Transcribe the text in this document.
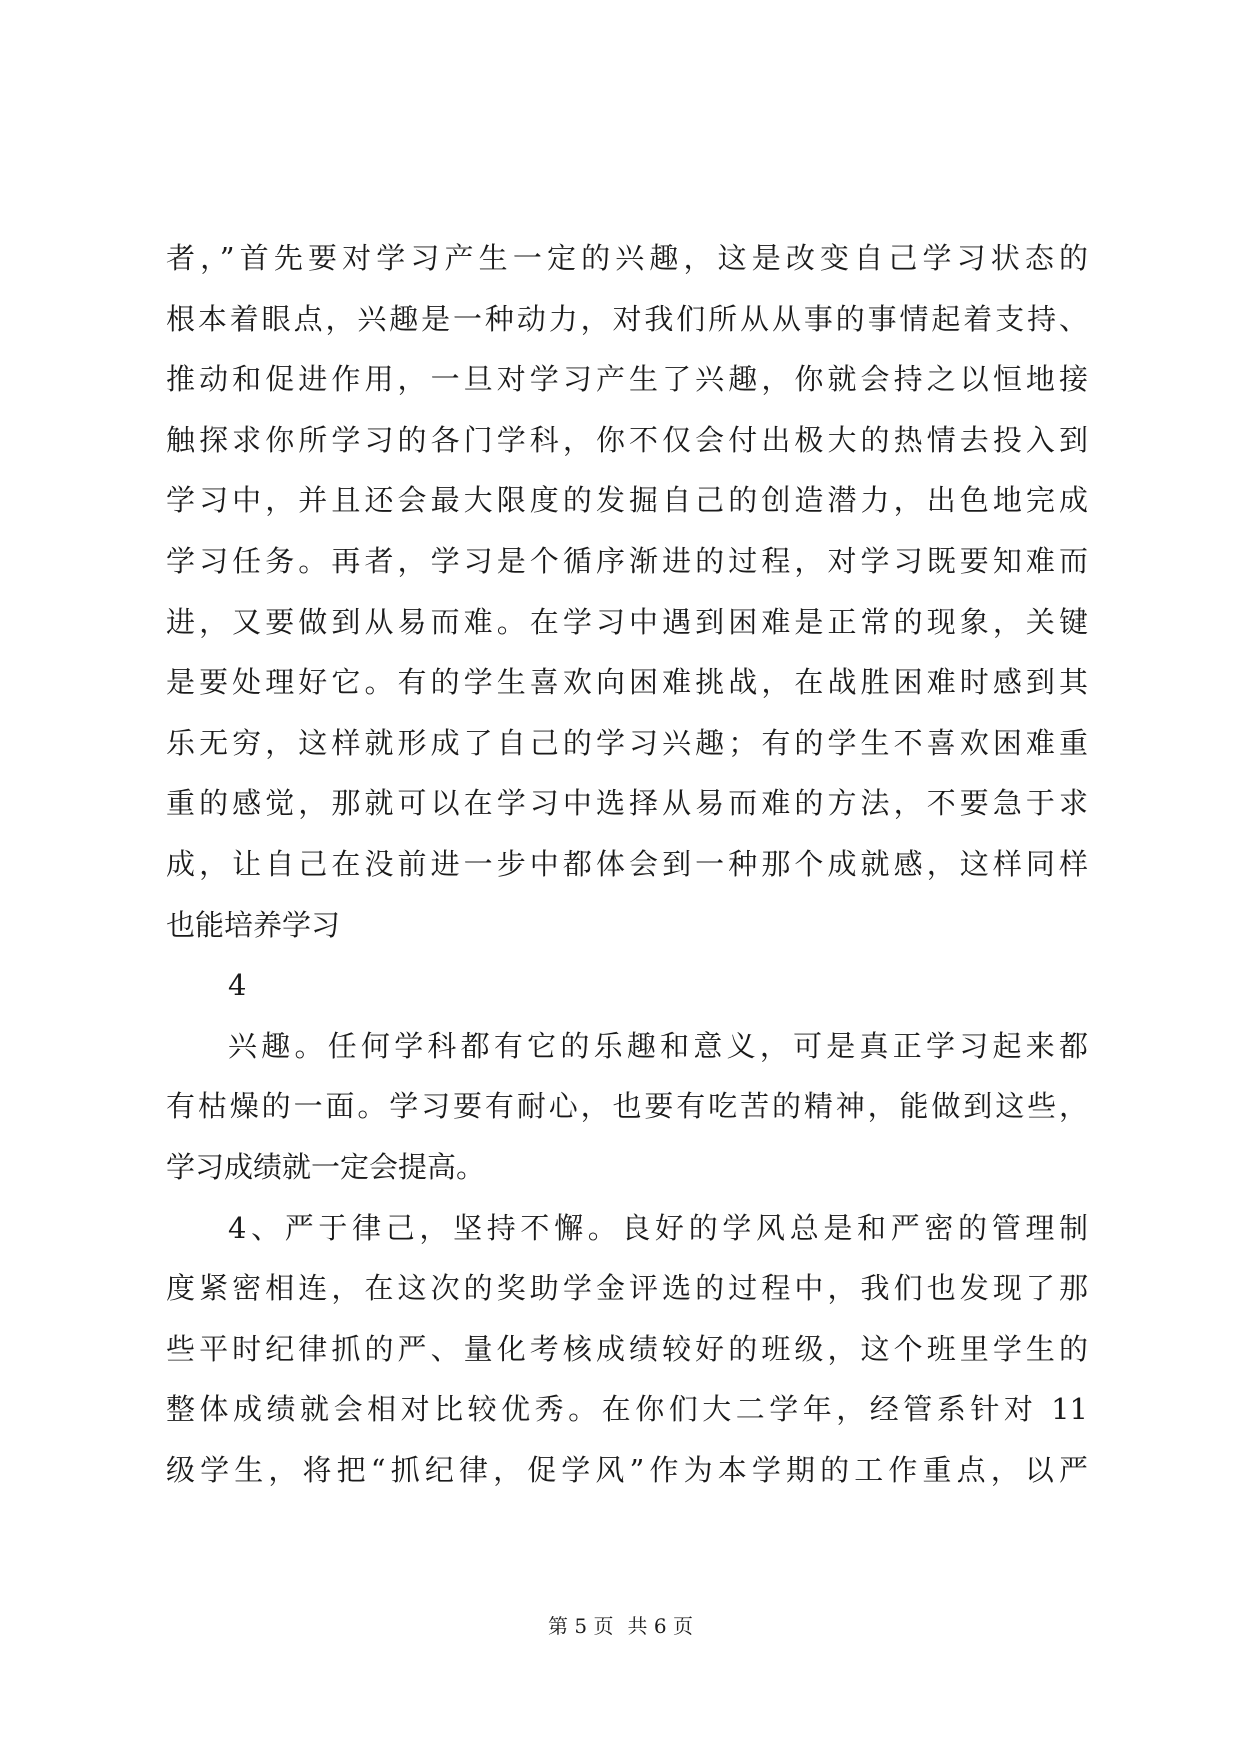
者，”首先要对学习产生一定的兴趣，这是改变自己学习状态的
根本着眼点，兴趣是一种动力，对我们所从从事的事情起着支持、
推动和促进作用，一旦对学习产生了兴趣，你就会持之以恒地接
触探求你所学习的各门学科，你不仅会付出极大的热情去投入到
学习中，并且还会最大限度的发掘自己的创造潜力，出色地完成
学习任务。再者，学习是个循序渐进的过程，对学习既要知难而
进，又要做到从易而难。在学习中遇到困难是正常的现象，关键
是要处理好它。有的学生喜欢向困难挑战，在战胜困难时感到其
乐无穷，这样就形成了自己的学习兴趣；有的学生不喜欢困难重
重的感觉，那就可以在学习中选择从易而难的方法，不要急于求
成，让自己在没前进一步中都体会到一种那个成就感，这样同样
也能培养学习
4
兴趣。任何学科都有它的乐趣和意义，可是真正学习起来都
有枯燥的一面。学习要有耐心，也要有吃苦的精神，能做到这些，
学习成绩就一定会提高。
4、严于律己，坚持不懈。良好的学风总是和严密的管理制
度紧密相连，在这次的奖助学金评选的过程中，我们也发现了那
些平时纪律抓的严、量化考核成绩较好的班级，这个班里学生的
整体成绩就会相对比较优秀。在你们大二学年，经管系针对 11
级学生，将把“抓纪律，促学风”作为本学期的工作重点，以严
第 5 页 共 6 页
